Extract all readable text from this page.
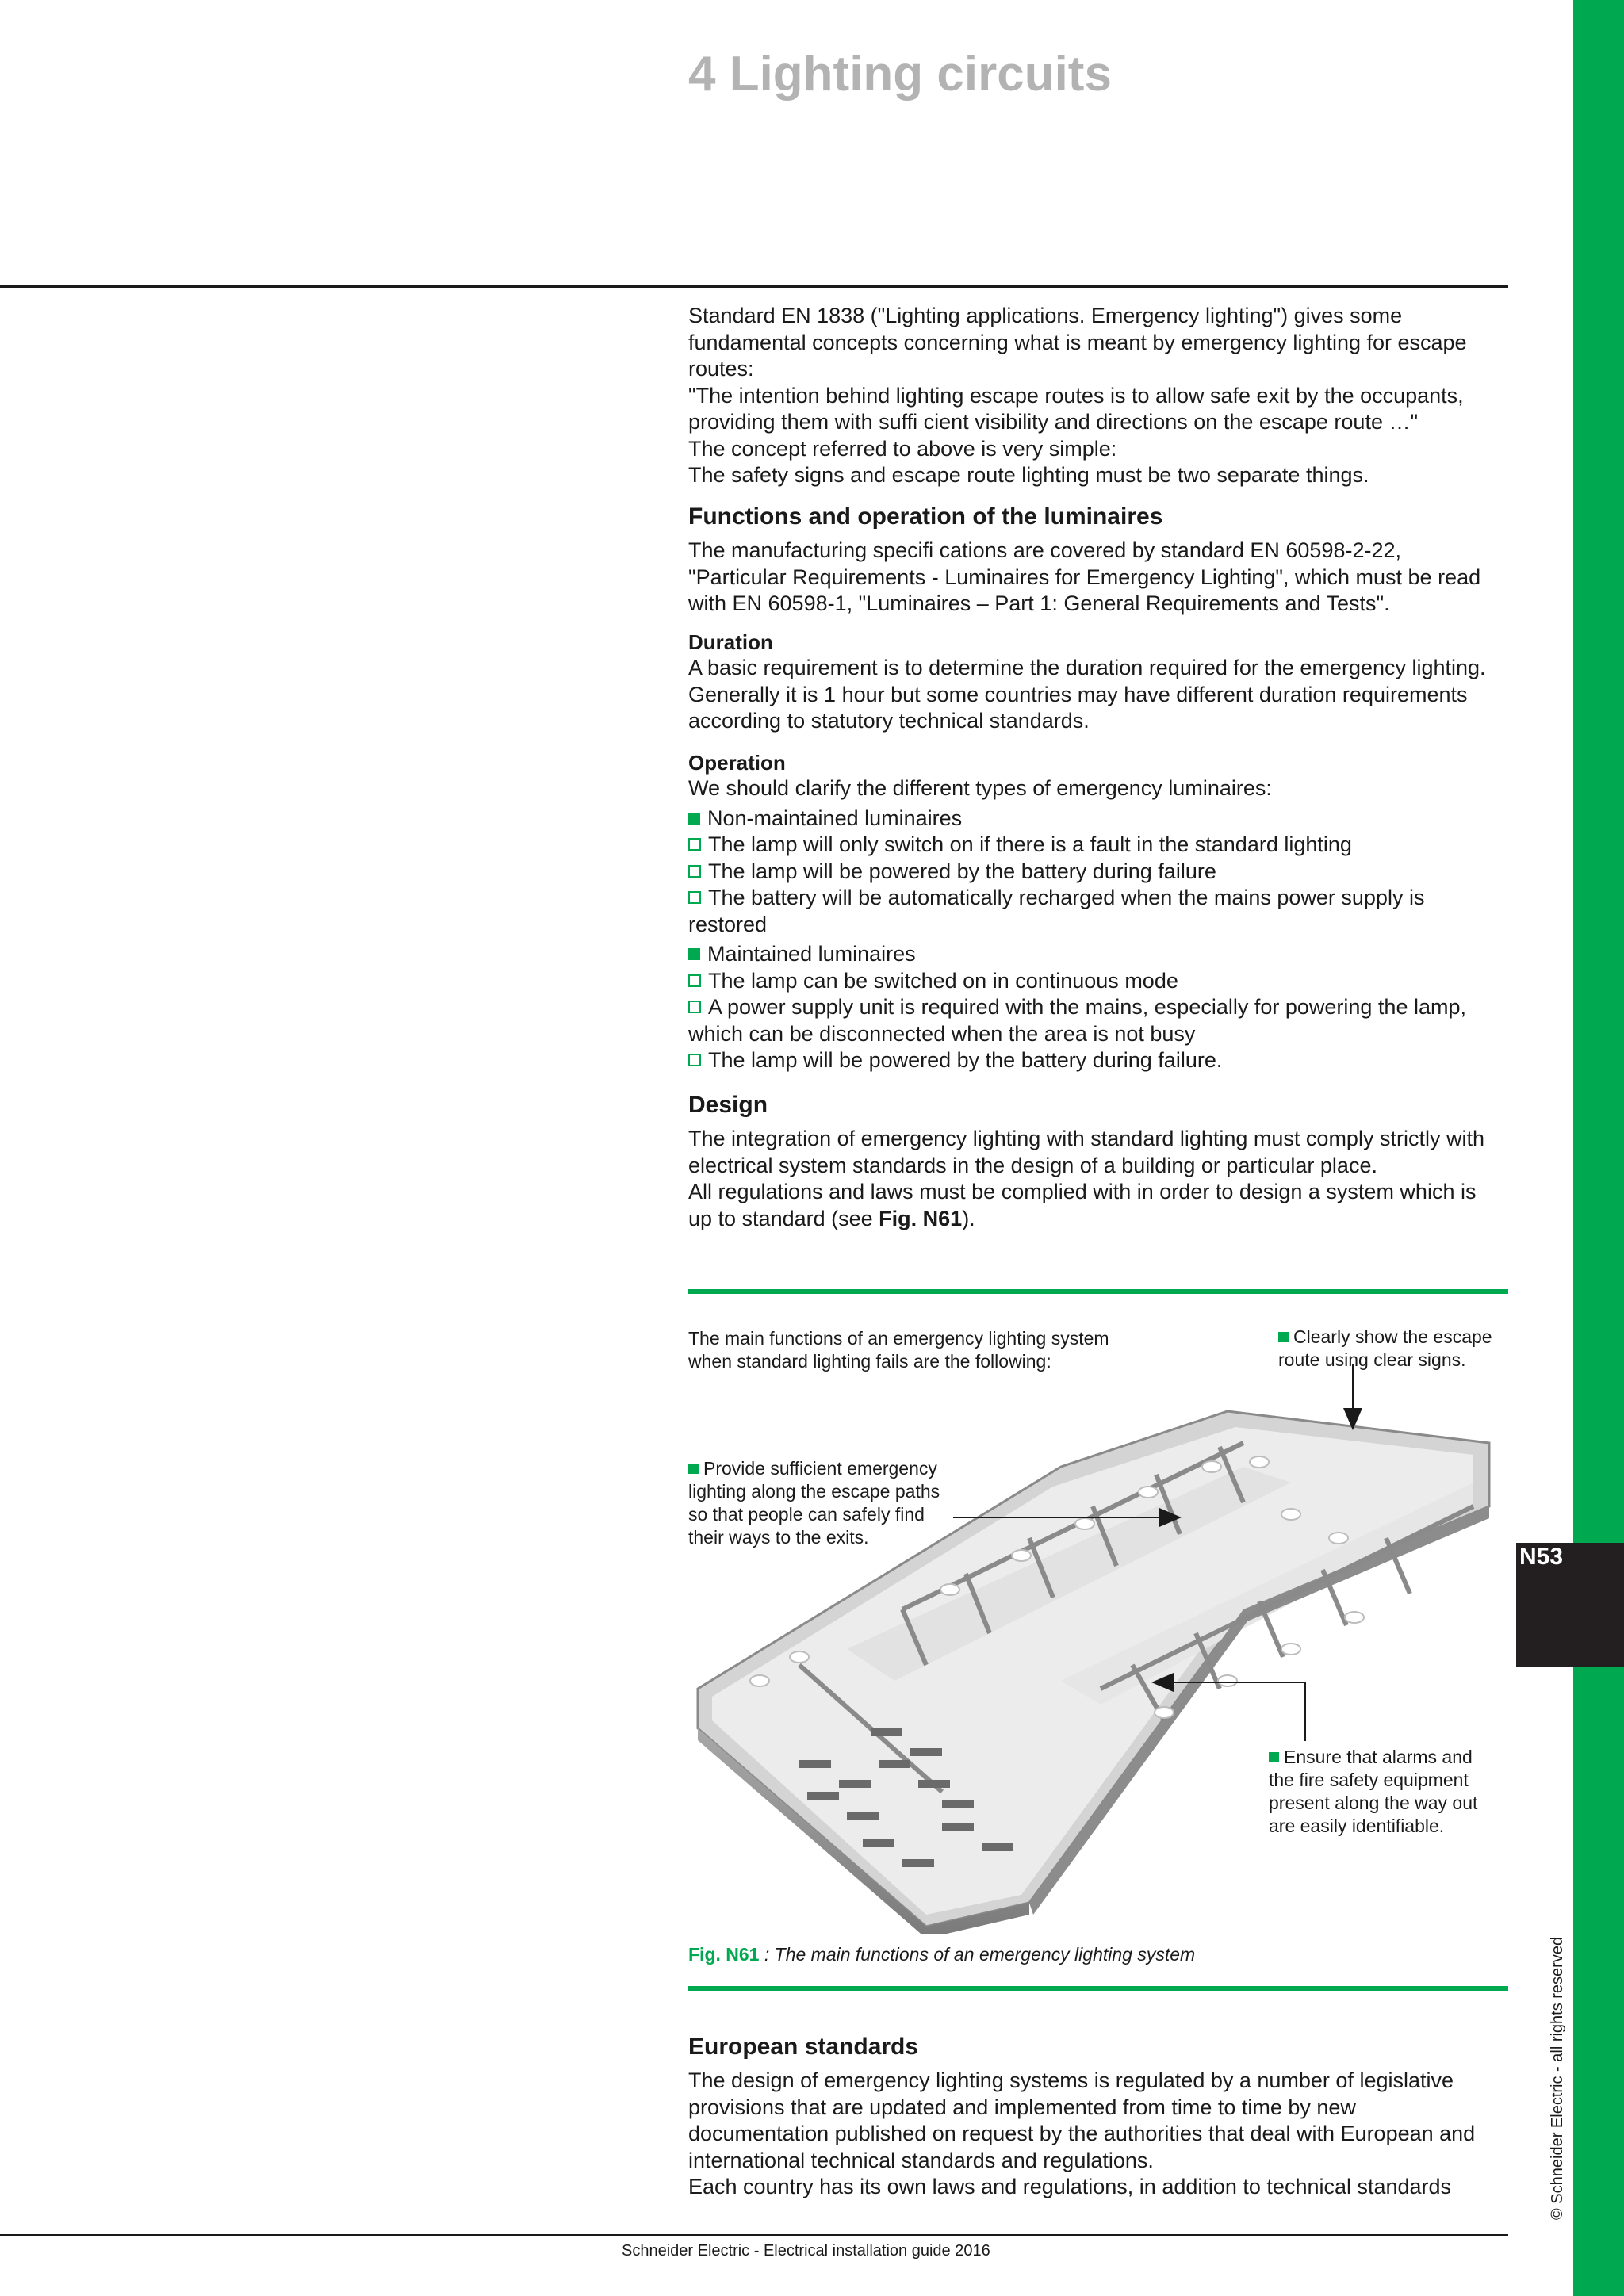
N53
4 Lighting circuits

Standard EN 1838 ("Lighting applications. Emergency lighting") gives some

fundamental concepts concerning what is meant by emergency lighting for escape

routes:

"The intention behind lighting escape routes is to allow safe exit by the occupants,

providing them with suffi cient visibility and directions on the escape route …"

The concept referred to above is very simple:

The safety signs and escape route lighting must be two separate things.

Functions and operation of the luminaires

The manufacturing specifi cations are covered by standard EN 60598-2-22,

"Particular Requirements - Luminaires for Emergency Lighting", which must be read

with EN 60598-1, "Luminaires – Part 1: General Requirements and Tests".

Duration

A basic requirement is to determine the duration required for the emergency lighting.

Generally it is 1 hour but some countries may have different duration requirements

according to statutory technical standards.

Operation

We should clarify the different types of emergency luminaires:

Non-maintained luminaires

The lamp will only switch on if there is a fault in the standard lighting

The lamp will be powered by the battery during failure

The battery will be automatically recharged when the mains power supply is

restored

Maintained luminaires

The lamp can be switched on in continuous mode

A power supply unit is required with the mains, especially for powering the lamp,

which can be disconnected when the area is not busy

The lamp will be powered by the battery during failure.

Design

The integration of emergency lighting with standard lighting must comply strictly with

electrical system standards in the design of a building or particular place.

All regulations and laws must be complied with in order to design a system which is

up to standard (see Fig. N61).

The main functions of an emergency lighting system
when standard lighting fails are the following:
Clearly show the escape
route using clear signs.
Provide sufficient emergency
lighting along the escape paths
so that people can safely find
their ways to the exits.
Ensure that alarms and
the fire safety equipment
present along the way out
are easily identifiable.
Fig. N61 : The main functions of an emergency lighting system

European standards

The design of emergency lighting systems is regulated by a number of legislative

provisions that are updated and implemented from time to time by new

documentation published on request by the authorities that deal with European and

international technical standards and regulations.

Each country has its own laws and regulations, in addition to technical standards

Schneider Electric - Electrical installation guide 2016
© Schneider Electric - all rights reserved
